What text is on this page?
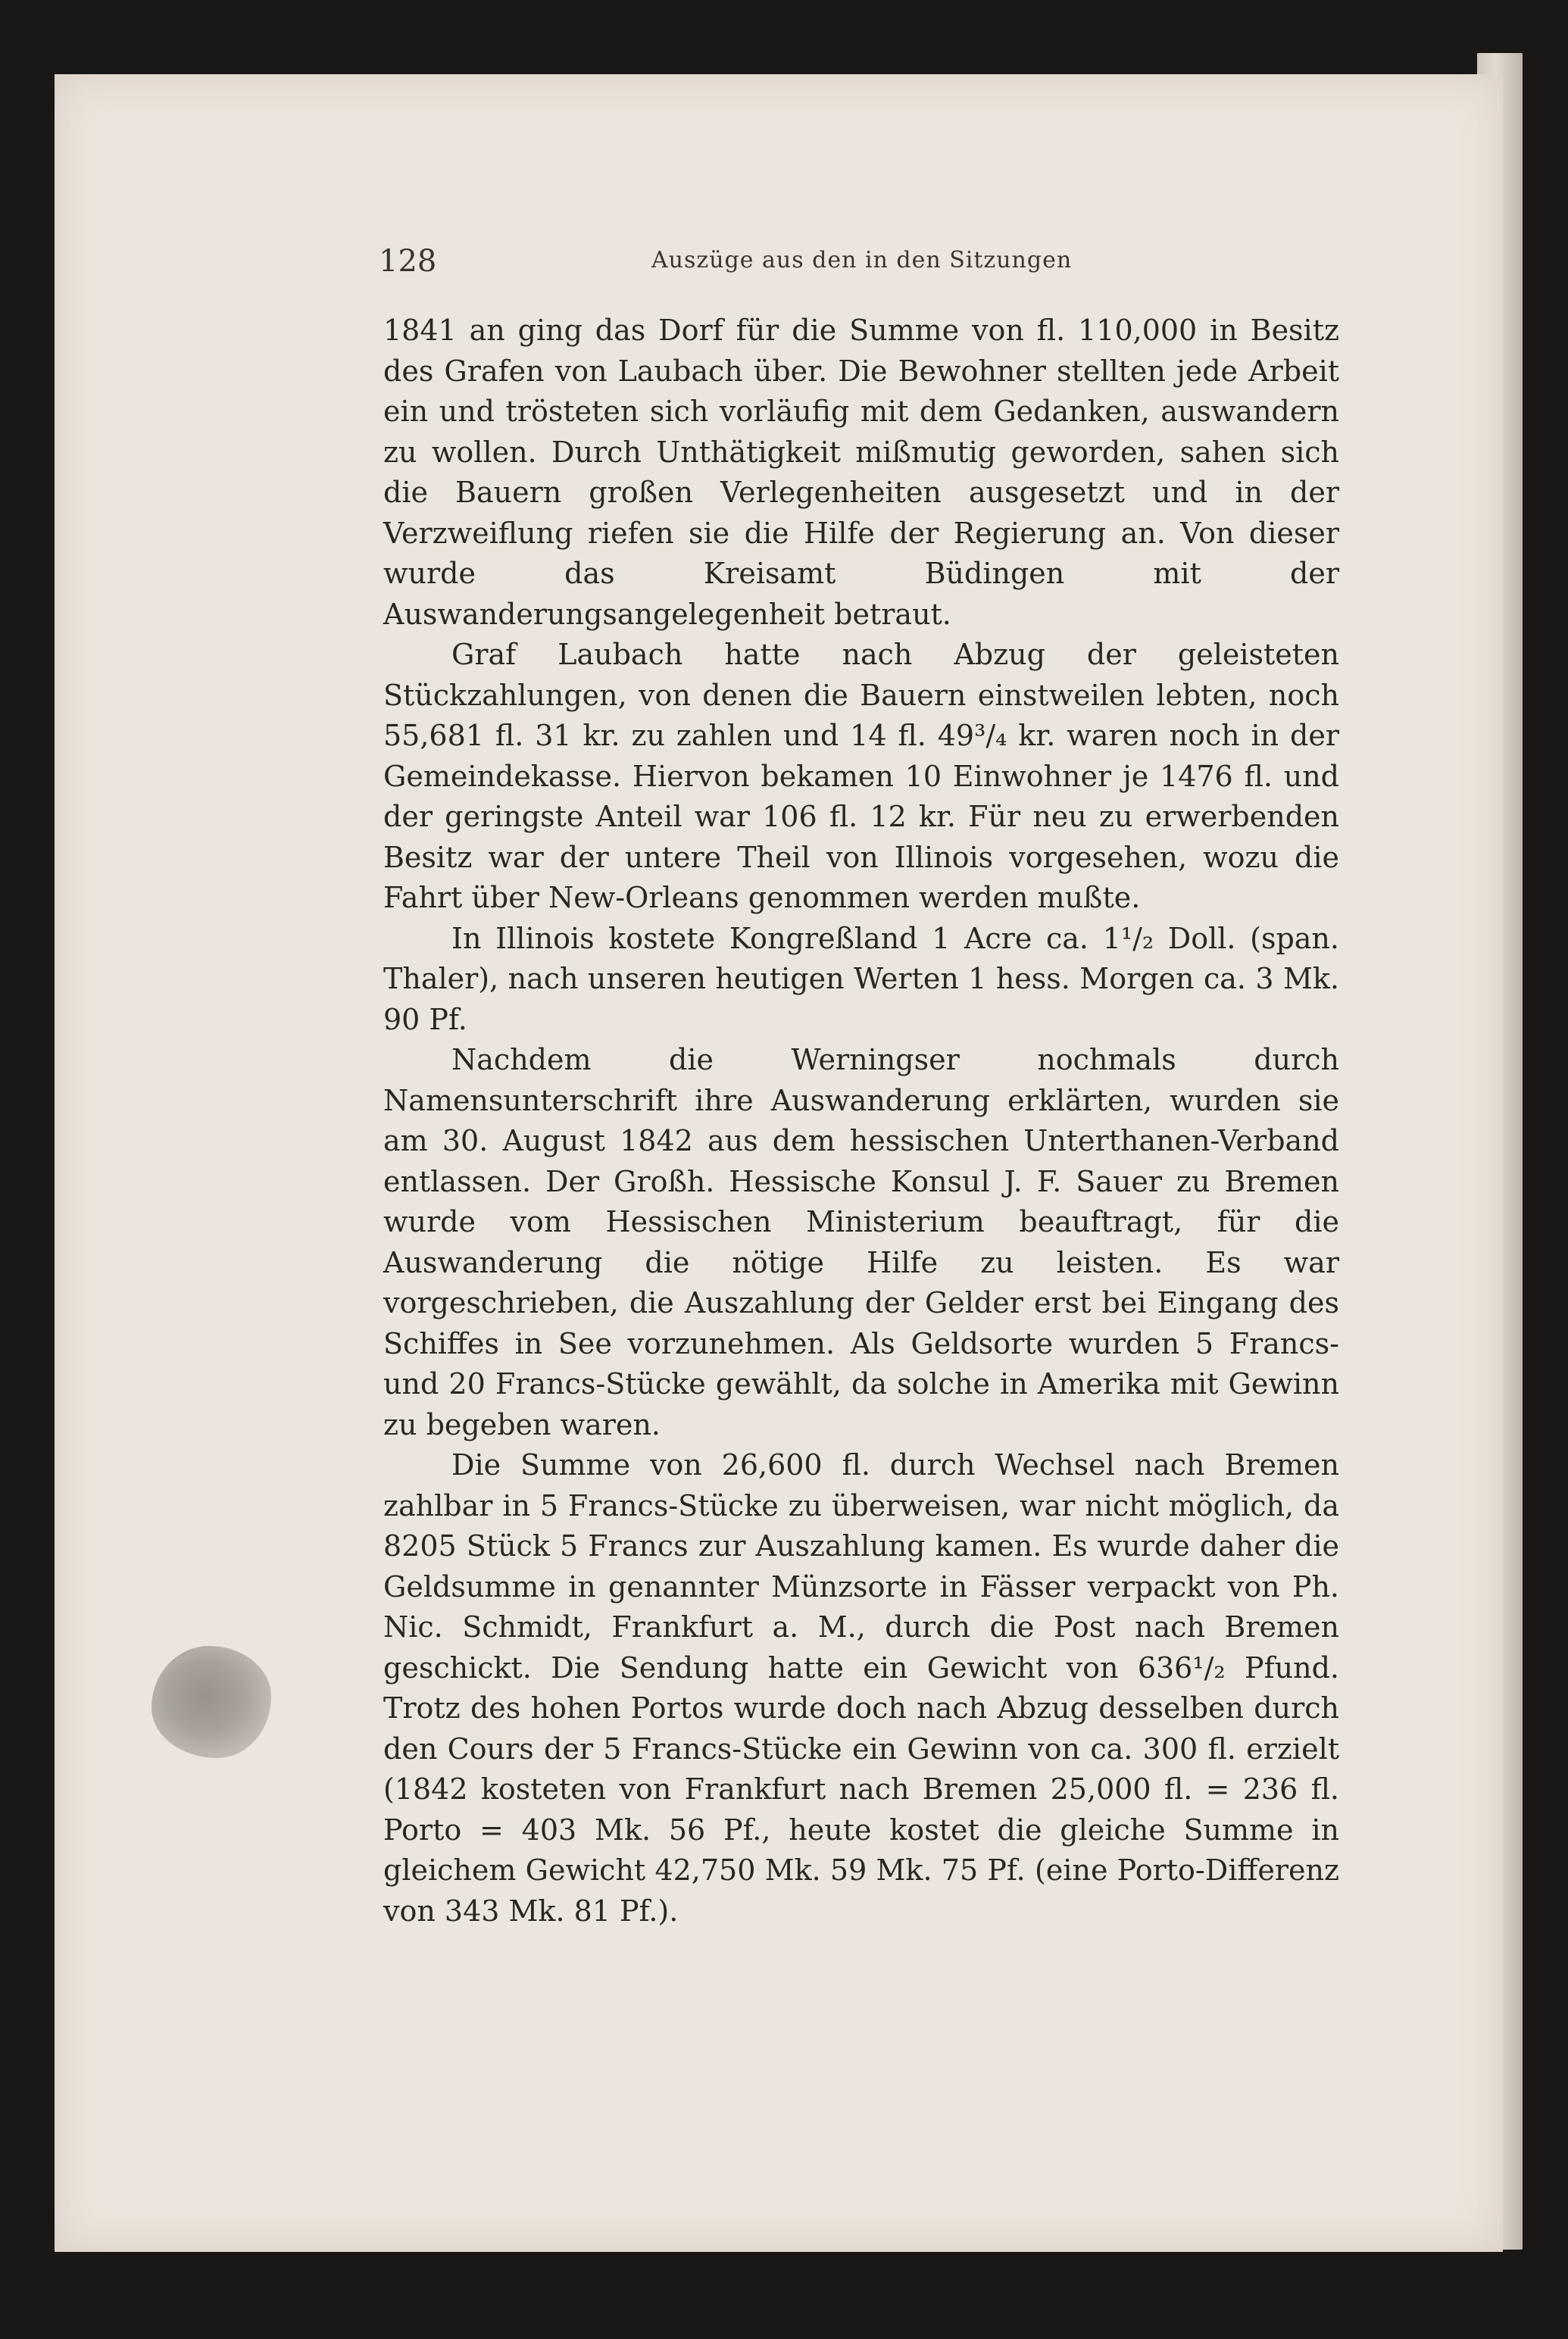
128	Auszüge aus den in den Sitzungen

1841 an ging das Dorf für die Summe von fl. 110,000 in Besitz des Grafen von Laubach über. Die Bewohner stellten jede Arbeit ein und trösteten sich vorläufig mit dem Gedanken, auswandern zu wollen. Durch Unthätigkeit mißmutig geworden, sahen sich die Bauern großen Verlegenheiten ausgesetzt und in der Verzweiflung riefen sie die Hilfe der Regierung an. Von dieser wurde das Kreisamt Büdingen mit der Auswanderungsangelegenheit betraut.

Graf Laubach hatte nach Abzug der geleisteten Stückzahlungen, von denen die Bauern einstweilen lebten, noch 55,681 fl. 31 kr. zu zahlen und 14 fl. 49³/₄ kr. waren noch in der Gemeindekasse. Hiervon bekamen 10 Einwohner je 1476 fl. und der geringste Anteil war 106 fl. 12 kr. Für neu zu erwerbenden Besitz war der untere Theil von Illinois vorgesehen, wozu die Fahrt über New-Orleans genommen werden mußte.

In Illinois kostete Kongreßland 1 Acre ca. 1¹/₂ Doll. (span. Thaler), nach unseren heutigen Werten 1 hess. Morgen ca. 3 Mk. 90 Pf.

Nachdem die Werningser nochmals durch Namensunterschrift ihre Auswanderung erklärten, wurden sie am 30. August 1842 aus dem hessischen Unterthanen-Verband entlassen. Der Großh. Hessische Konsul J. F. Sauer zu Bremen wurde vom Hessischen Ministerium beauftragt, für die Auswanderung die nötige Hilfe zu leisten. Es war vorgeschrieben, die Auszahlung der Gelder erst bei Eingang des Schiffes in See vorzunehmen. Als Geldsorte wurden 5 Francs- und 20 Francs-Stücke gewählt, da solche in Amerika mit Gewinn zu begeben waren.

Die Summe von 26,600 fl. durch Wechsel nach Bremen zahlbar in 5 Francs-Stücke zu überweisen, war nicht möglich, da 8205 Stück 5 Francs zur Auszahlung kamen. Es wurde daher die Geldsumme in genannter Münzsorte in Fässer verpackt von Ph. Nic. Schmidt, Frankfurt a. M., durch die Post nach Bremen geschickt. Die Sendung hatte ein Gewicht von 636¹/₂ Pfund. Trotz des hohen Portos wurde doch nach Abzug desselben durch den Cours der 5 Francs-Stücke ein Gewinn von ca. 300 fl. erzielt (1842 kosteten von Frankfurt nach Bremen 25,000 fl. = 236 fl. Porto = 403 Mk. 56 Pf., heute kostet die gleiche Summe in gleichem Gewicht 42,750 Mk. 59 Mk. 75 Pf. (eine Porto-Differenz von 343 Mk. 81 Pf.).
